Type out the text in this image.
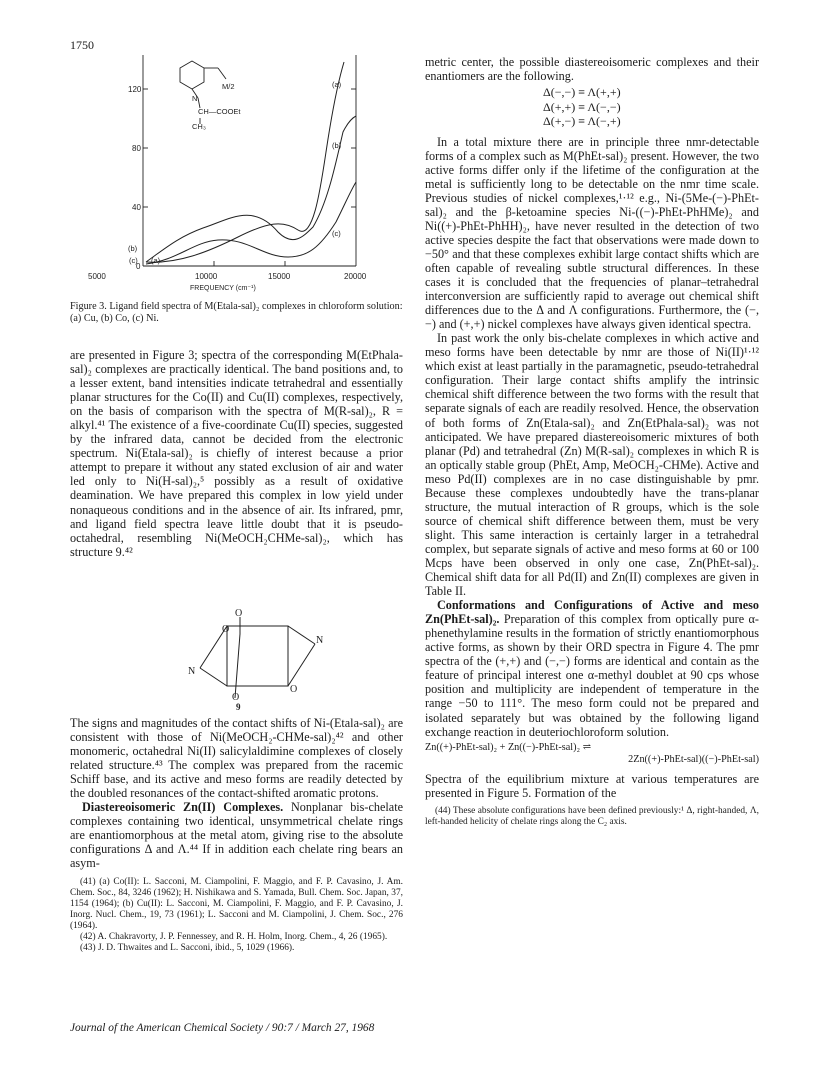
1750
120
80
40
0
5000	10000	15000	20000
FREQUENCY (cm⁻¹)
(a)
(b)
(c)
(b)
(c) (a)
M/2
N
CH—COOEt
CH₃
Figure 3. Ligand field spectra of M(Etala-sal)₂ complexes in chloroform solution: (a) Cu, (b) Co, (c) Ni.

are presented in Figure 3; spectra of the corresponding M(EtPhala-sal)₂ complexes are practically identical. The band positions and, to a lesser extent, band intensities indicate tetrahedral and essentially planar structures for the Co(II) and Cu(II) complexes, respectively, on the basis of comparison with the spectra of M(R-sal)₂, R = alkyl.⁴¹ The existence of a five-coordinate Cu(II) species, suggested by the infrared data, cannot be decided from the electronic spectrum. Ni(Etala-sal)₂ is chiefly of interest because a prior attempt to prepare it without any stated exclusion of air and water led only to Ni(H-sal)₂,⁵ possibly as a result of oxidative deamination. We have prepared this complex in low yield under nonaqueous conditions and in the absence of air. Its infrared, pmr, and ligand field spectra leave little doubt that it is pseudo-octahedral, resembling Ni(MeOCH₂CHMe-sal)₂, which has structure 9.⁴²

O
O
N
N
O
O
9

The signs and magnitudes of the contact shifts of Ni-(Etala-sal)₂ are consistent with those of Ni(MeOCH₂-CHMe-sal)₂⁴² and other monomeric, octahedral Ni(II) salicylaldimine complexes of closely related structure.⁴³ The complex was prepared from the racemic Schiff base, and its active and meso forms are readily detected by the doubled resonances of the contact-shifted aromatic protons.

Diastereoisomeric Zn(II) Complexes. Nonplanar bis-chelate complexes containing two identical, unsymmetrical chelate rings are enantiomorphous at the metal atom, giving rise to the absolute configurations Δ and Λ.⁴⁴ If in addition each chelate ring bears an asym-

(41) (a) Co(II): L. Sacconi, M. Ciampolini, F. Maggio, and F. P. Cavasino, J. Am. Chem. Soc., 84, 3246 (1962); H. Nishikawa and S. Yamada, Bull. Chem. Soc. Japan, 37, 1154 (1964); (b) Cu(II): L. Sacconi, M. Ciampolini, F. Maggio, and F. P. Cavasino, J. Inorg. Nucl. Chem., 19, 73 (1961); L. Sacconi and M. Ciampolini, J. Chem. Soc., 276 (1964).

(42) A. Chakravorty, J. P. Fennessey, and R. H. Holm, Inorg. Chem., 4, 26 (1965).

(43) J. D. Thwaites and L. Sacconi, ibid., 5, 1029 (1966).

metric center, the possible diastereoisomeric complexes and their enantiomers are the following.

Δ(−,−) ≡ Λ(+,+)
Δ(+,+) ≡ Λ(−,−)
Δ(+,−) ≡ Λ(−,+)

In a total mixture there are in principle three nmr-detectable forms of a complex such as M(PhEt-sal)₂ present. However, the two active forms differ only if the lifetime of the configuration at the metal is sufficiently long to be detectable on the nmr time scale. Previous studies of nickel complexes,¹·¹² e.g., Ni-(5Me-(−)-PhEt-sal)₂ and the β-ketoamine species Ni-((−)-PhEt-PhHMe)₂ and Ni((+)-PhEt-PhHH)₂, have never resulted in the detection of two active species despite the fact that observations were made down to −50° and that these complexes exhibit large contact shifts which are often capable of revealing subtle structural differences. In these cases it is concluded that the frequencies of planar–tetrahedral interconversion are sufficiently rapid to average out chemical shift differences due to the Δ and Λ configurations. Furthermore, the (−,−) and (+,+) nickel complexes have always given identical spectra.

In past work the only bis-chelate complexes in which active and meso forms have been detectable by nmr are those of Ni(II)¹·¹² which exist at least partially in the paramagnetic, pseudo-tetrahedral configuration. Their large contact shifts amplify the intrinsic chemical shift difference between the two forms with the result that separate signals of each are readily resolved. Hence, the observation of both forms of Zn(Etala-sal)₂ and Zn(EtPhala-sal)₂ was not anticipated. We have prepared diastereoisomeric mixtures of both planar (Pd) and tetrahedral (Zn) M(R-sal)₂ complexes in which R is an optically stable group (PhEt, Amp, MeOCH₂-CHMe). Active and meso Pd(II) complexes are in no case distinguishable by pmr. Because these complexes undoubtedly have the trans-planar structure, the mutual interaction of R groups, which is the sole source of chemical shift difference between them, must be very slight. This same interaction is certainly larger in a tetrahedral complex, but separate signals of active and meso forms at 60 or 100 Mcps have been observed in only one case, Zn(PhEt-sal)₂. Chemical shift data for all Pd(II) and Zn(II) complexes are given in Table II.

Conformations and Configurations of Active and meso Zn(PhEt-sal)₂. Preparation of this complex from optically pure α-phenethylamine results in the formation of strictly enantiomorphous active forms, as shown by their ORD spectra in Figure 4. The pmr spectra of the (+,+) and (−,−) forms are identical and contain as the feature of principal interest one α-methyl doublet at 90 cps whose position and multiplicity are independent of temperature in the range −50 to 111°. The meso form could not be prepared and isolated separately but was obtained by the following ligand exchange reaction in deuteriochloroform solution.

Zn((+)-PhEt-sal)₂ + Zn((−)-PhEt-sal)₂ ⇌
2Zn((+)-PhEt-sal)((−)-PhEt-sal)

Spectra of the equilibrium mixture at various temperatures are presented in Figure 5. Formation of the

(44) These absolute configurations have been defined previously:¹ Δ, right-handed, Λ, left-handed helicity of chelate rings along the C₂ axis.

Journal of the American Chemical Society / 90:7 / March 27, 1968
